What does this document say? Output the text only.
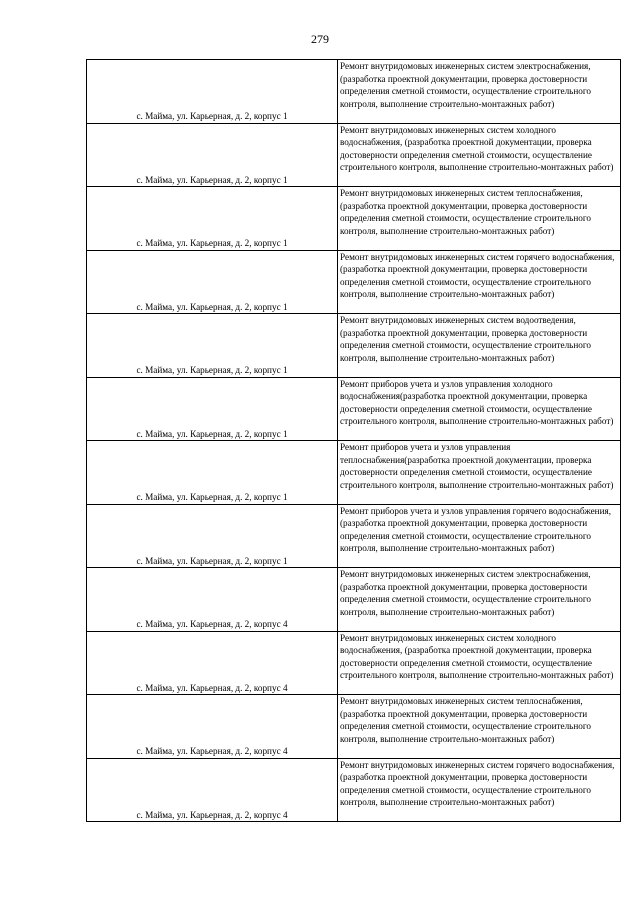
279
с. Майма, ул. Карьерная, д. 2, корпус 1	Ремонт внутридомовых инженерных систем электроснабжения, (разработка проектной документации, проверка достоверности определения сметной стоимости, осуществление строительного контроля, выполнение строительно-монтажных работ)

с. Майма, ул. Карьерная, д. 2, корпус 1	Ремонт внутридомовых инженерных систем холодного водоснабжения, (разработка проектной документации, проверка достоверности определения сметной стоимости, осуществление строительного контроля, выполнение строительно-монтажных работ)

с. Майма, ул. Карьерная, д. 2, корпус 1	Ремонт внутридомовых инженерных систем теплоснабжения, (разработка проектной документации, проверка достоверности определения сметной стоимости, осуществление строительного контроля, выполнение строительно-монтажных работ)

с. Майма, ул. Карьерная, д. 2, корпус 1	Ремонт внутридомовых инженерных систем горячего водоснабжения, (разработка проектной документации, проверка достоверности определения сметной стоимости, осуществление строительного контроля, выполнение строительно-монтажных работ)

с. Майма, ул. Карьерная, д. 2, корпус 1	Ремонт внутридомовых инженерных систем водоотведения, (разработка проектной документации, проверка достоверности определения сметной стоимости, осуществление строительного контроля, выполнение строительно-монтажных работ)

с. Майма, ул. Карьерная, д. 2, корпус 1	Ремонт приборов учета и узлов управления холодного водоснабжения(разработка проектной документации, проверка достоверности определения сметной стоимости, осуществление строительного контроля, выполнение строительно-монтажных работ)

с. Майма, ул. Карьерная, д. 2, корпус 1	Ремонт приборов учета и узлов управления теплоснабжения(разработка проектной документации, проверка достоверности определения сметной стоимости, осуществление строительного контроля, выполнение строительно-монтажных работ)

с. Майма, ул. Карьерная, д. 2, корпус 1	Ремонт приборов учета и узлов управления горячего водоснабжения, (разработка проектной документации, проверка достоверности определения сметной стоимости, осуществление строительного контроля, выполнение строительно-монтажных работ)

с. Майма, ул. Карьерная, д. 2, корпус 4	Ремонт внутридомовых инженерных систем электроснабжения, (разработка проектной документации, проверка достоверности определения сметной стоимости, осуществление строительного контроля, выполнение строительно-монтажных работ)

с. Майма, ул. Карьерная, д. 2, корпус 4	Ремонт внутридомовых инженерных систем холодного водоснабжения, (разработка проектной документации, проверка достоверности определения сметной стоимости, осуществление строительного контроля, выполнение строительно-монтажных работ)

с. Майма, ул. Карьерная, д. 2, корпус 4	Ремонт внутридомовых инженерных систем теплоснабжения, (разработка проектной документации, проверка достоверности определения сметной стоимости, осуществление строительного контроля, выполнение строительно-монтажных работ)

с. Майма, ул. Карьерная, д. 2, корпус 4	Ремонт внутридомовых инженерных систем горячего водоснабжения, (разработка проектной документации, проверка достоверности определения сметной стоимости, осуществление строительного контроля, выполнение строительно-монтажных работ)
